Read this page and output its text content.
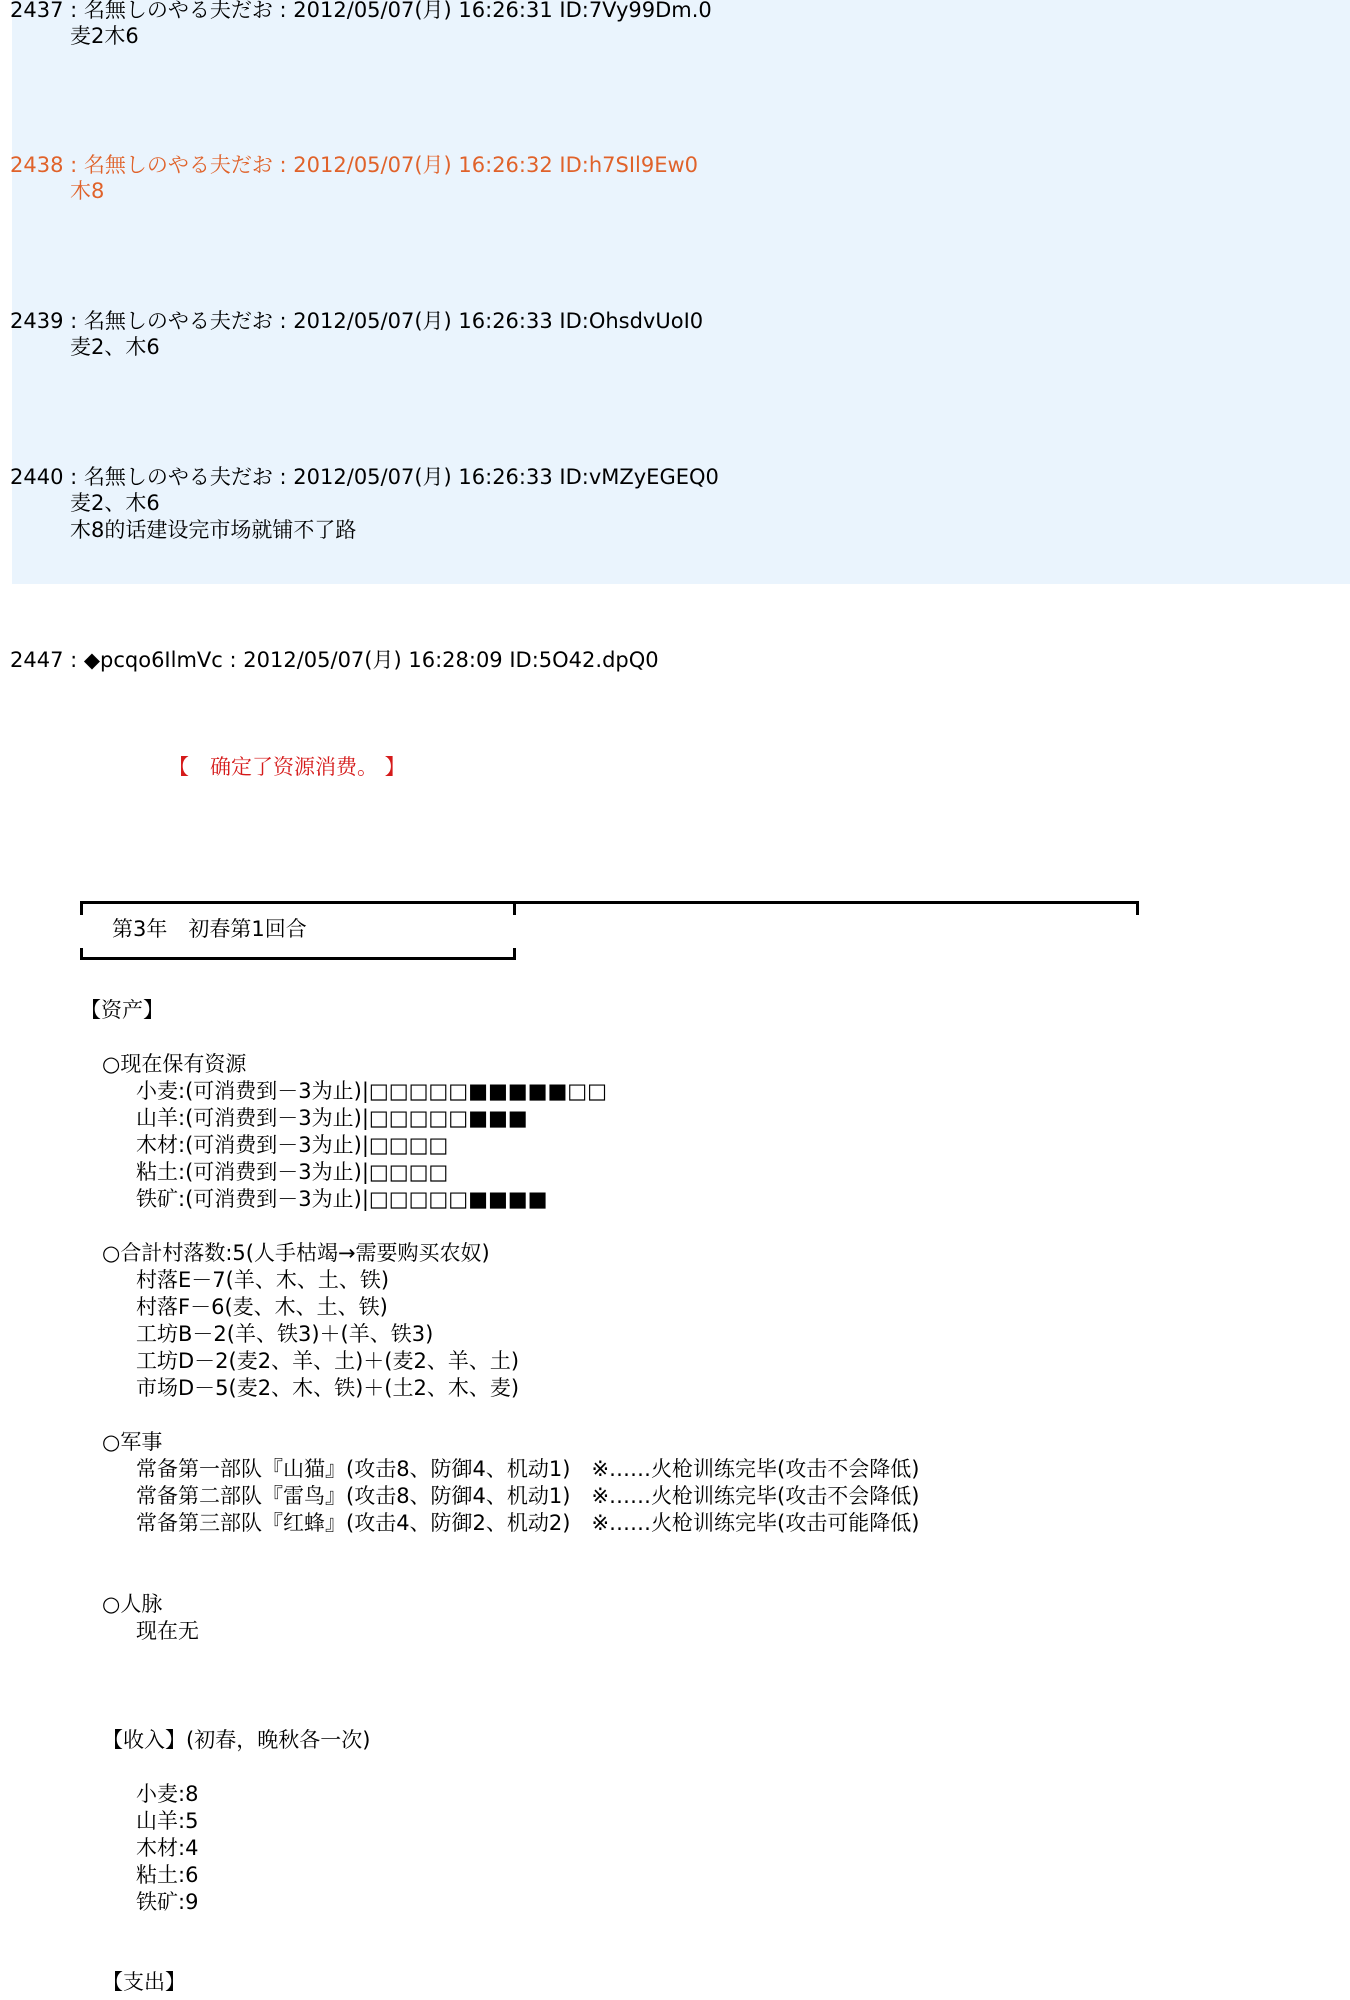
2437 : 名無しのやる夫だお : 2012/05/07(月) 16:26:31 ID:7Vy99Dm.0
麦2木6
2438 : 名無しのやる夫だお : 2012/05/07(月) 16:26:32 ID:h7SIl9Ew0
木8
2439 : 名無しのやる夫だお : 2012/05/07(月) 16:26:33 ID:OhsdvUoI0
麦2、木6
2440 : 名無しのやる夫だお : 2012/05/07(月) 16:26:33 ID:vMZyEGEQ0
麦2、木6
木8的话建设完市场就铺不了路
2447 : ◆pcqo6IlmVc : 2012/05/07(月) 16:28:09 ID:5O42.dpQ0
【　确定了资源消费。 】
第3年　初春第1回合
【资产】
○现在保有资源
小麦:(可消费到－3为止)|□□□□□■■■■■□□
山羊:(可消费到－3为止)|□□□□□■■■
木材:(可消费到－3为止)|□□□□
粘土:(可消费到－3为止)|□□□□
铁矿:(可消费到－3为止)|□□□□□■■■■
○合計村落数:5(人手枯竭→需要购买农奴)
村落E－7(羊、木、土、铁)
村落F－6(麦、木、土、铁)
工坊B－2(羊、铁3)＋(羊、铁3)
工坊D－2(麦2、羊、土)＋(麦2、羊、土)
市场D－5(麦2、木、铁)＋(土2、木、麦)
○军事
常备第一部队『山猫』(攻击8、防御4、机动1)　※……火枪训练完毕(攻击不会降低)
常备第二部队『雷鸟』(攻击8、防御4、机动1)　※……火枪训练完毕(攻击不会降低)
常备第三部队『红蜂』(攻击4、防御2、机动2)　※……火枪训练完毕(攻击可能降低)
○人脉
现在无
【收入】(初春，晚秋各一次)
小麦:8
山羊:5
木材:4
粘土:6
铁矿:9
【支出】
